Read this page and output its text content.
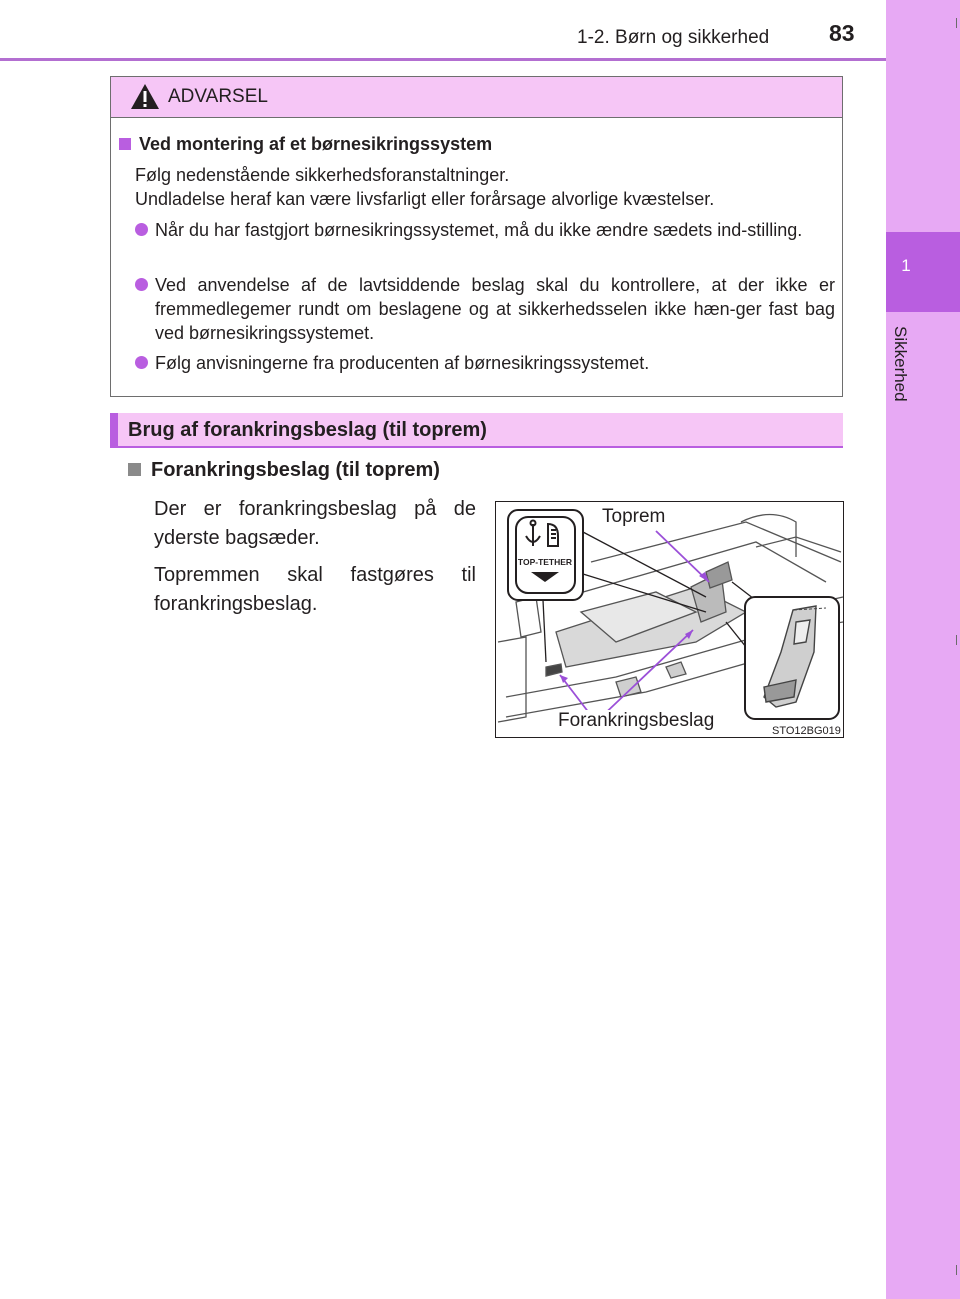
1-2. Børn og sikkerhed	83
1
Sikkerhed
ADVARSEL
Ved montering af et børnesikringssystem
Følg nedenstående sikkerhedsforanstaltninger.
Undladelse heraf kan være livsfarligt eller forårsage alvorlige kvæstelser.
Når du har fastgjort børnesikringssystemet, må du ikke ændre sædets ind-stilling.
Ved anvendelse af de lavtsiddende beslag skal du kontrollere, at der ikke er fremmedlegemer rundt om beslagene og at sikkerhedsselen ikke hæn-ger fast bag ved børnesikringssystemet.
Følg anvisningerne fra producenten af børnesikringssystemet.
Brug af forankringsbeslag (til toprem)
Forankringsbeslag (til toprem)
Der er forankringsbeslag på de yderste bagsæder.
Topremmen skal fastgøres til forankringsbeslag.
TOP-TETHER
Toprem
Forankringsbeslag	STO12BG019
